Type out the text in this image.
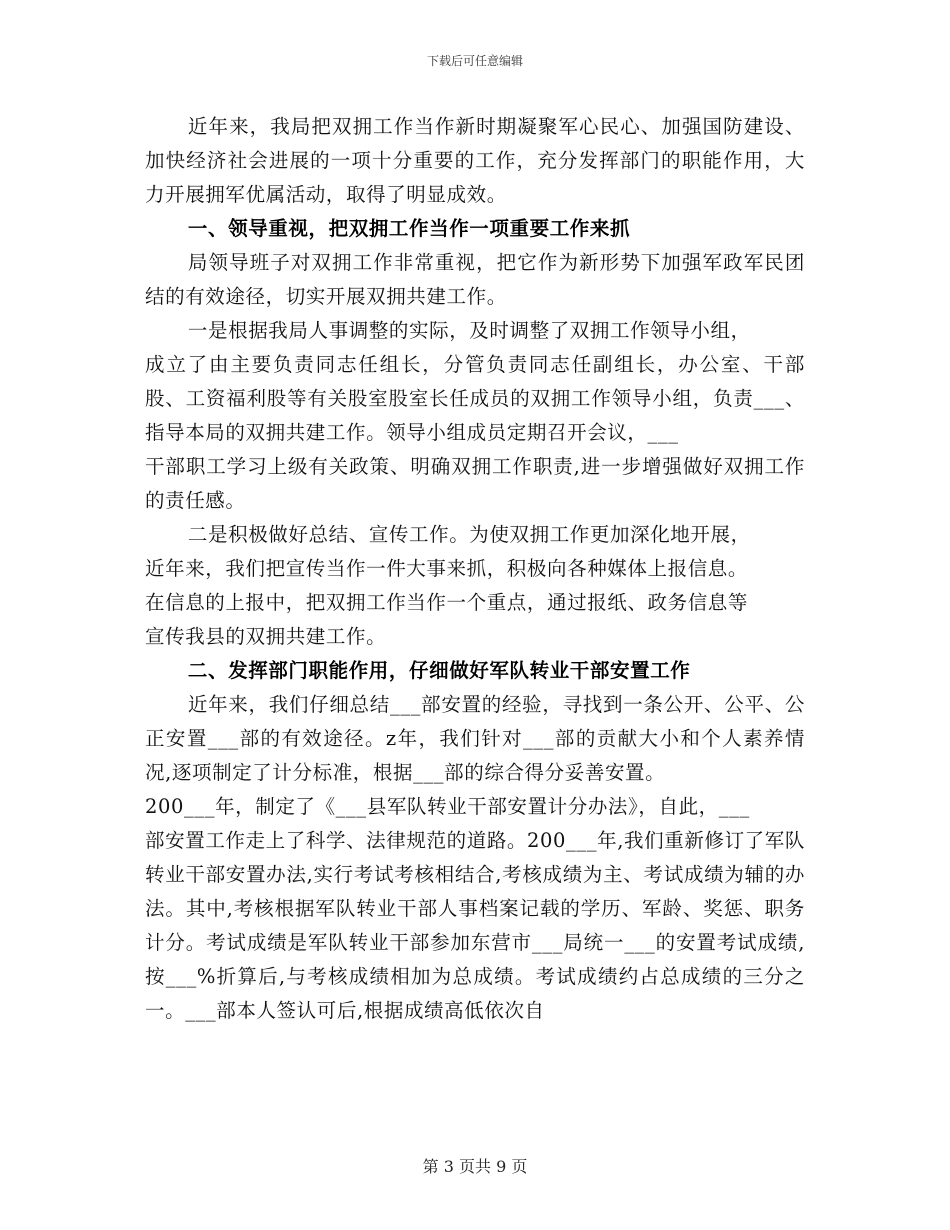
下载后可任意编辑

近年来，我局把双拥工作当作新时期凝聚军心民心、加强国防建设、加快经济社会进展的一项十分重要的工作，充分发挥部门的职能作用，大力开展拥军优属活动，取得了明显成效。

一、领导重视，把双拥工作当作一项重要工作来抓

局领导班子对双拥工作非常重视，把它作为新形势下加强军政军民团结的有效途径，切实开展双拥共建工作。

一是根据我局人事调整的实际，及时调整了双拥工作领导小组，
成立了由主要负责同志任组长，分管负责同志任副组长，办公室、干部股、工资福利股等有关股室股室长任成员的双拥工作领导小组，负责___、指导本局的双拥共建工作。领导小组成员定期召开会议，___
干部职工学习上级有关政策、明确双拥工作职责,进一步增强做好双拥工作的责任感。

二是积极做好总结、宣传工作。为使双拥工作更加深化地开展，
近年来，我们把宣传当作一件大事来抓，积极向各种媒体上报信息。
在信息的上报中，把双拥工作当作一个重点，通过报纸、政务信息等
宣传我县的双拥共建工作。

二、发挥部门职能作用，仔细做好军队转业干部安置工作

近年来，我们仔细总结___部安置的经验，寻找到一条公开、公平、公正安置___部的有效途径。z年，我们针对___部的贡献大小和个人素养情况,逐项制定了计分标准，根据___部的综合得分妥善安置。
200___年，制定了《___县军队转业干部安置计分办法》，自此，___
部安置工作走上了科学、法律规范的道路。200___年,我们重新修订了军队转业干部安置办法,实行考试考核相结合,考核成绩为主、考试成绩为辅的办法。其中,考核根据军队转业干部人事档案记载的学历、军龄、奖惩、职务计分。考试成绩是军队转业干部参加东营市___局统一___的安置考试成绩,按___%折算后,与考核成绩相加为总成绩。考试成绩约占总成绩的三分之一。___部本人签认可后,根据成绩高低依次自

第 3 页共 9 页
